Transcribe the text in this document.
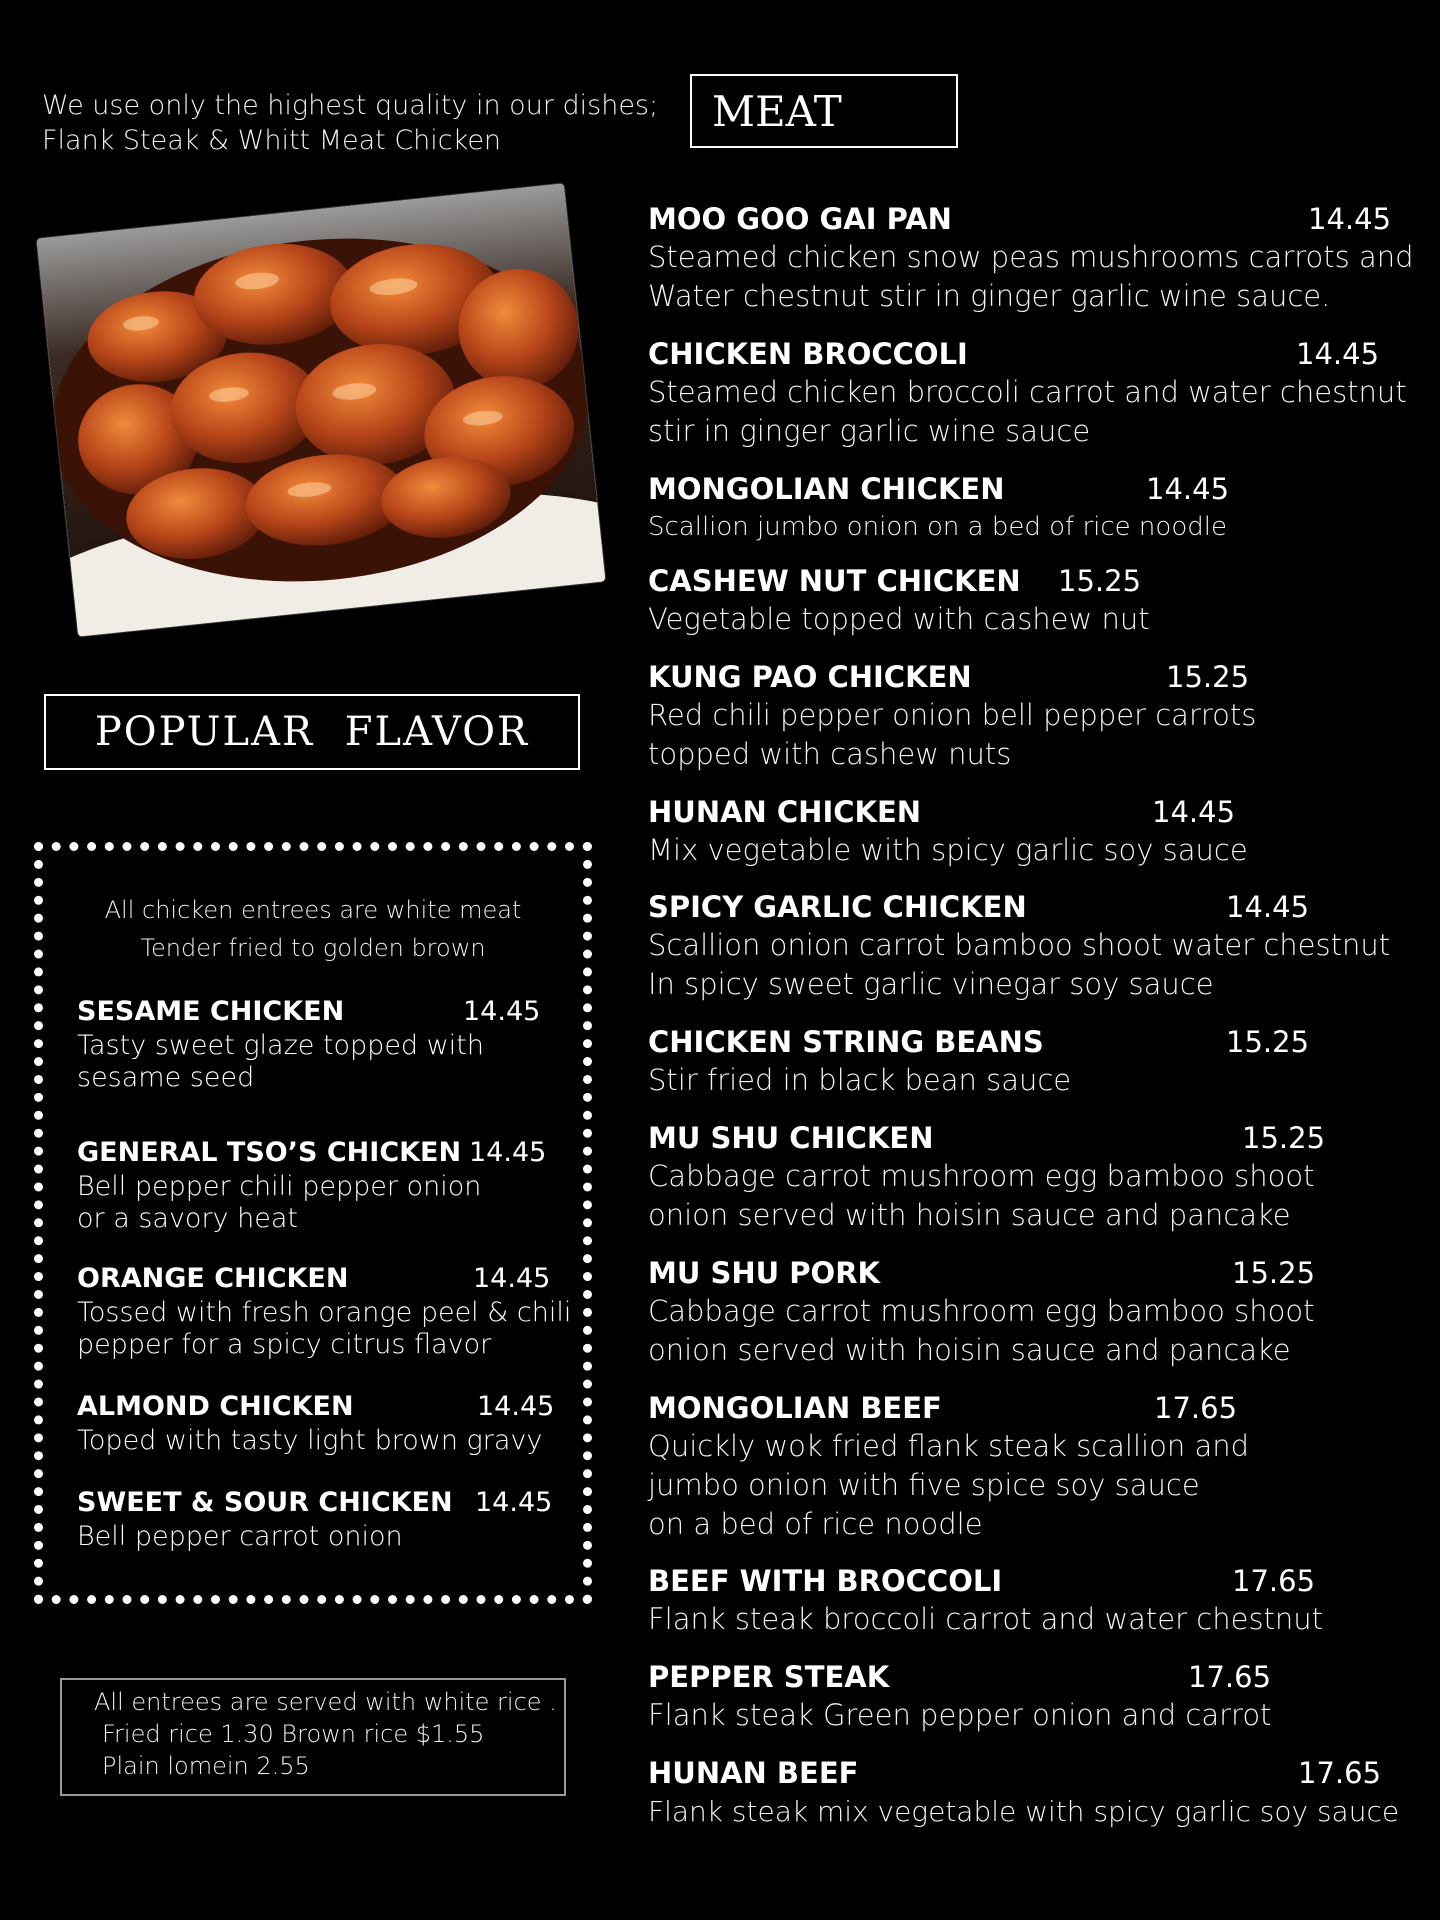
We use only the highest quality in our dishes;
Flank Steak & Whitt Meat Chicken
POPULAR FLAVOR
All chicken entrees are white meat
Tender fried to golden brown
SESAME CHICKEN	14.45
Tasty sweet glaze topped with
sesame seed
GENERAL TSO’S CHICKEN 14.45
Bell pepper chili pepper onion
or a savory heat
ORANGE CHICKEN	14.45
Tossed with fresh orange peel & chili
pepper for a spicy citrus flavor
ALMOND CHICKEN	14.45
Toped with tasty light brown gravy
SWEET & SOUR CHICKEN 14.45
Bell pepper carrot onion
All entrees are served with white rice .
Fried rice 1.30 Brown rice $1.55
Plain lomein 2.55
MEAT
MOO GOO GAI PAN	14.45
Steamed chicken snow peas mushrooms carrots and
Water chestnut stir in ginger garlic wine sauce.
CHICKEN BROCCOLI	14.45
Steamed chicken broccoli carrot and water chestnut
stir in ginger garlic wine sauce
MONGOLIAN CHICKEN	14.45
Scallion jumbo onion on a bed of rice noodle
CASHEW NUT CHICKEN 15.25
Vegetable topped with cashew nut
KUNG PAO CHICKEN	15.25
Red chili pepper onion bell pepper carrots
topped with cashew nuts
HUNAN CHICKEN	14.45
Mix vegetable with spicy garlic soy sauce
SPICY GARLIC CHICKEN	14.45
Scallion onion carrot bamboo shoot water chestnut
In spicy sweet garlic vinegar soy sauce
CHICKEN STRING BEANS	15.25
Stir fried in black bean sauce
MU SHU CHICKEN	15.25
Cabbage carrot mushroom egg bamboo shoot
onion served with hoisin sauce and pancake
MU SHU PORK	15.25
Cabbage carrot mushroom egg bamboo shoot
onion served with hoisin sauce and pancake
MONGOLIAN BEEF	17.65
Quickly wok fried flank steak scallion and
jumbo onion with five spice soy sauce
on a bed of rice noodle
BEEF WITH BROCCOLI	17.65
Flank steak broccoli carrot and water chestnut
PEPPER STEAK	17.65
Flank steak Green pepper onion and carrot
HUNAN BEEF	17.65
Flank steak mix vegetable with spicy garlic soy sauce
